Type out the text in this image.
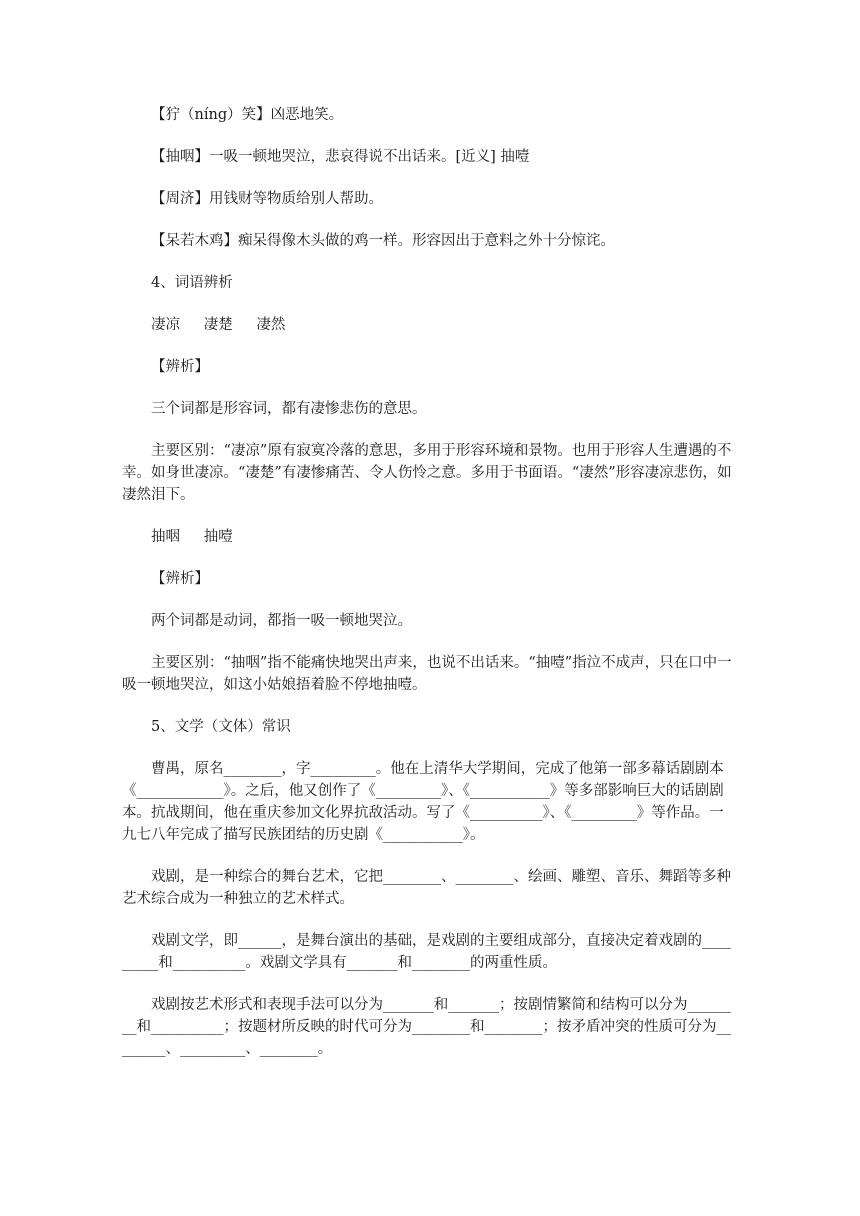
【狞（níng）笑】凶恶地笑。

【抽咽】一吸一顿地哭泣，悲哀得说不出话来。[近义] 抽噎

【周济】用钱财等物质给别人帮助。

【呆若木鸡】痴呆得像木头做的鸡一样。形容因出于意料之外十分惊诧。

4、词语辨析

凄凉　  凄楚　  凄然

【辨析】

三个词都是形容词，都有凄惨悲伤的意思。

主要区别：“凄凉”原有寂寞冷落的意思，多用于形容环境和景物。也用于形容人生遭遇的不幸。如身世凄凉。“凄楚”有凄惨痛苦、令人伤怜之意。多用于书面语。“凄然”形容凄凉悲伤，如凄然泪下。

抽咽　  抽噎

【辨析】

两个词都是动词，都指一吸一顿地哭泣。

主要区别：“抽咽”指不能痛快地哭出声来，也说不出话来。“抽噎”指泣不成声，只在口中一吸一顿地哭泣，如这小姑娘捂着脸不停地抽噎。

5、文学（文体）常识

曹禺，原名________，字_________。他在上清华大学期间，完成了他第一部多幕话剧剧本《____________》。之后，他又创作了《_________》、《___________》等多部影响巨大的话剧剧本。抗战期间，他在重庆参加文化界抗敌活动。写了《__________》、《_________》等作品。一九七八年完成了描写民族团结的历史剧《___________》。

戏剧，是一种综合的舞台艺术，它把________、________、绘画、雕塑、音乐、舞蹈等多种艺术综合成为一种独立的艺术样式。

戏剧文学，即______，是舞台演出的基础，是戏剧的主要组成部分，直接决定着戏剧的_________和__________。戏剧文学具有_______和________的两重性质。

戏剧按艺术形式和表现手法可以分为_______和_______；按剧情繁简和结构可以分为________和__________；按题材所反映的时代可分为________和________；按矛盾冲突的性质可分为________、_________、________。
